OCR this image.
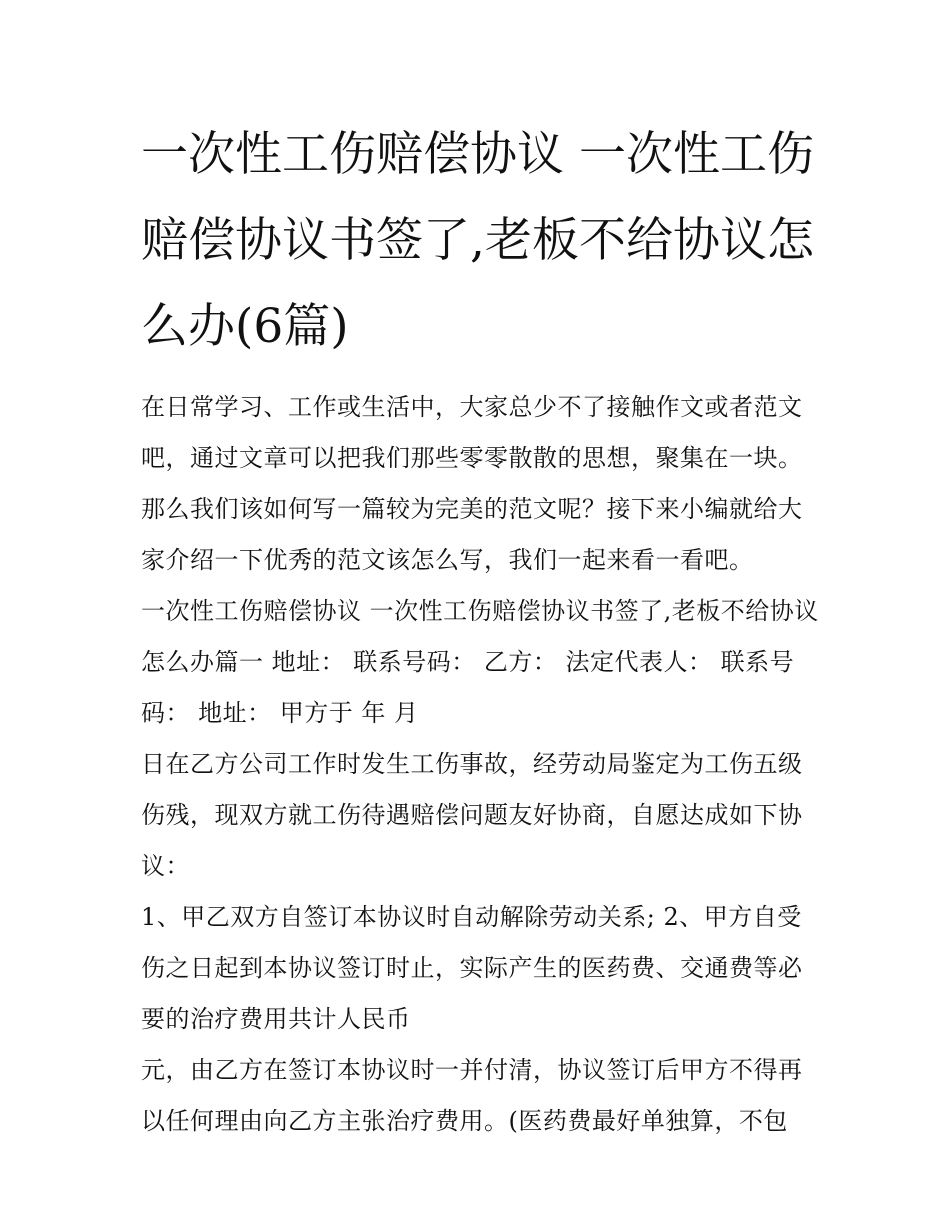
一次性工伤赔偿协议 一次性工伤赔偿协议书签了,老板不给协议怎么办(6篇)

在日常学习、工作或生活中，大家总少不了接触作文或者范文吧，通过文章可以把我们那些零零散散的思想，聚集在一块。那么我们该如何写一篇较为完美的范文呢？接下来小编就给大家介绍一下优秀的范文该怎么写，我们一起来看一看吧。

一次性工伤赔偿协议 一次性工伤赔偿协议书签了,老板不给协议怎么办篇一 地址： 联系号码： 乙方： 法定代表人： 联系号码： 地址： 甲方于 年 月

日在乙方公司工作时发生工伤事故，经劳动局鉴定为工伤五级伤残，现双方就工伤待遇赔偿问题友好协商，自愿达成如下协议：

1、甲乙双方自签订本协议时自动解除劳动关系; 2、甲方自受伤之日起到本协议签订时止，实际产生的医药费、交通费等必要的治疗费用共计人民币

元，由乙方在签订本协议时一并付清，协议签订后甲方不得再以任何理由向乙方主张治疗费用。(医药费最好单独算，不包
